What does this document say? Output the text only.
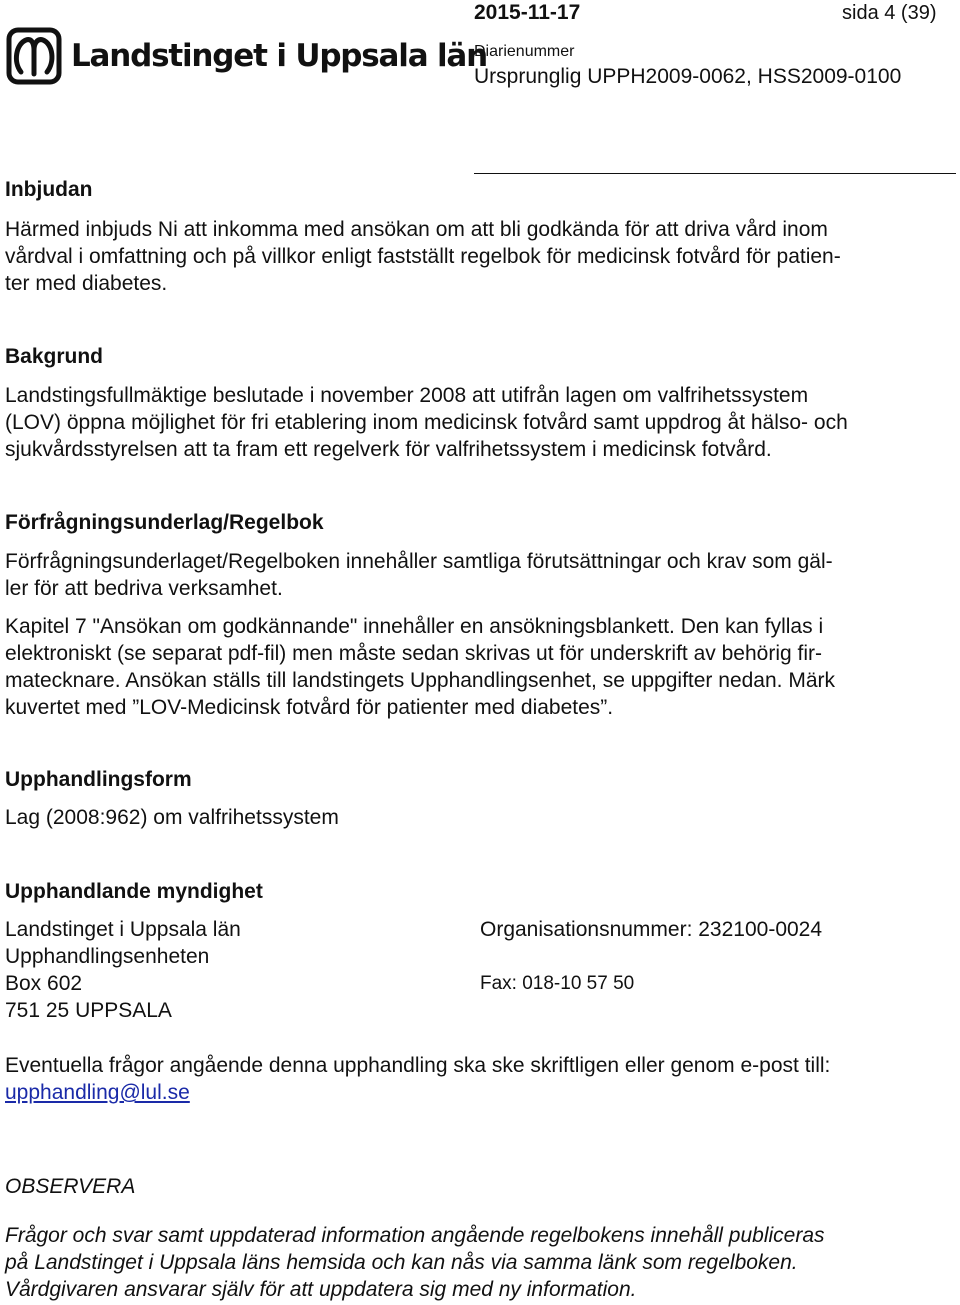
Landstinget i Uppsala län
2015-11-17	sida 4 (39)
Diarienummer
Ursprunglig UPPH2009-0062, HSS2009-0100
Inbjudan
Härmed inbjuds Ni att inkomma med ansökan om att bli godkända för att driva vård inom
vårdval i omfattning och på villkor enligt fastställt regelbok för medicinsk fotvård för patien-
ter med diabetes.
Bakgrund
Landstingsfullmäktige beslutade i november 2008 att utifrån lagen om valfrihetssystem
(LOV) öppna möjlighet för fri etablering inom medicinsk fotvård samt uppdrog åt hälso- och
sjukvårdsstyrelsen att ta fram ett regelverk för valfrihetssystem i medicinsk fotvård.
Förfrågningsunderlag/Regelbok
Förfrågningsunderlaget/Regelboken innehåller samtliga förutsättningar och krav som gäl-
ler för att bedriva verksamhet.
Kapitel 7 "Ansökan om godkännande" innehåller en ansökningsblankett. Den kan fyllas i
elektroniskt (se separat pdf-fil) men måste sedan skrivas ut för underskrift av behörig fir-
matecknare. Ansökan ställs till landstingets Upphandlingsenhet, se uppgifter nedan. Märk
kuvertet med ”LOV-Medicinsk fotvård för patienter med diabetes”.
Upphandlingsform
Lag (2008:962) om valfrihetssystem
Upphandlande myndighet
Landstinget i Uppsala län
Upphandlingsenheten
Box 602
751 25 UPPSALA
Organisationsnummer: 232100-0024
Fax: 018-10 57 50
Eventuella frågor angående denna upphandling ska ske skriftligen eller genom e-post till:
upphandling@lul.se
OBSERVERA
Frågor och svar samt uppdaterad information angående regelbokens innehåll publiceras
på Landstinget i Uppsala läns hemsida och kan nås via samma länk som regelboken.
Vårdgivaren ansvarar själv för att uppdatera sig med ny information.
